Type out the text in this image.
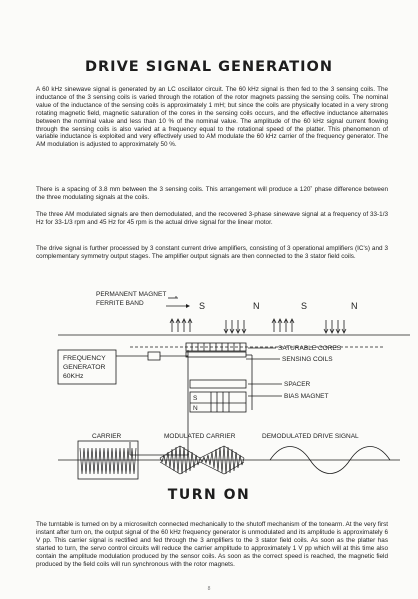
DRIVE SIGNAL GENERATION

A 60 kHz sinewave signal is generated by an LC oscillator circuit. The 60 kHz signal is then fed to the 3 sensing coils. The inductance of the 3 sensing coils is varied through the rotation of the rotor magnets passing the sensing coils. The nominal value of the inductance of the sensing coils is approximately 1 mH; but since the coils are physically located in a very strong rotating magnetic field, magnetic saturation of the cores in the sensing coils occurs, and the effective inductance alternates between the nominal value and less than 10 % of the nominal value. The amplitude of the 60 kHz signal current flowing through the sensing coils is also varied at a frequency equal to the rotational speed of the platter. This phenomenon of variable inductance is exploited and very effectively used to AM modulate the 60 kHz carrier of the frequency generator. The AM modulation is adjusted to approximately 50 %.

There is a spacing of 3.8 mm between the 3 sensing coils. This arrangement will produce a 120˚ phase difference between the three modulating signals at the coils.

The three AM modulated signals are then demodulated, and the recovered 3-phase sinewave signal at a frequency of 33-1/3 Hz for 33-1/3 rpm and 45 Hz for 45 rpm is the actual drive signal for the linear motor.

The drive signal is further processed by 3 constant current drive amplifiers, consisting of 3 operational amplifiers (IC's) and 3 complementary symmetry output stages. The amplifier output signals are then connected to the 3 stator field coils.

PERMANENT MAGNET
FERRITE BAND	S	N	S	N
FREQUENCY
GENERATOR
60KHz
SATURABLE CORES
SENSING COILS
SPACER
BIAS MAGNET
S
N
CARRIER	MODULATED CARRIER	DEMODULATED DRIVE SIGNAL
TURN ON

The turntable is turned on by a microswitch connected mechanically to the shutoff mechanism of the tonearm. At the very first instant after turn on, the output signal of the 60 kHz frequency generator is unmodulated and its amplitude is approximately 6 V pp. This carrier signal is rectified and fed through the 3 amplifiers to the 3 stator field coils. As soon as the platter has started to turn, the servo control circuits will reduce the carrier amplitude to approximately 1 V pp which will at this time also contain the amplitude modulation produced by the sensor coils. As soon as the correct speed is reached, the magnetic field produced by the field coils will run synchronous with the rotor magnets.

8
